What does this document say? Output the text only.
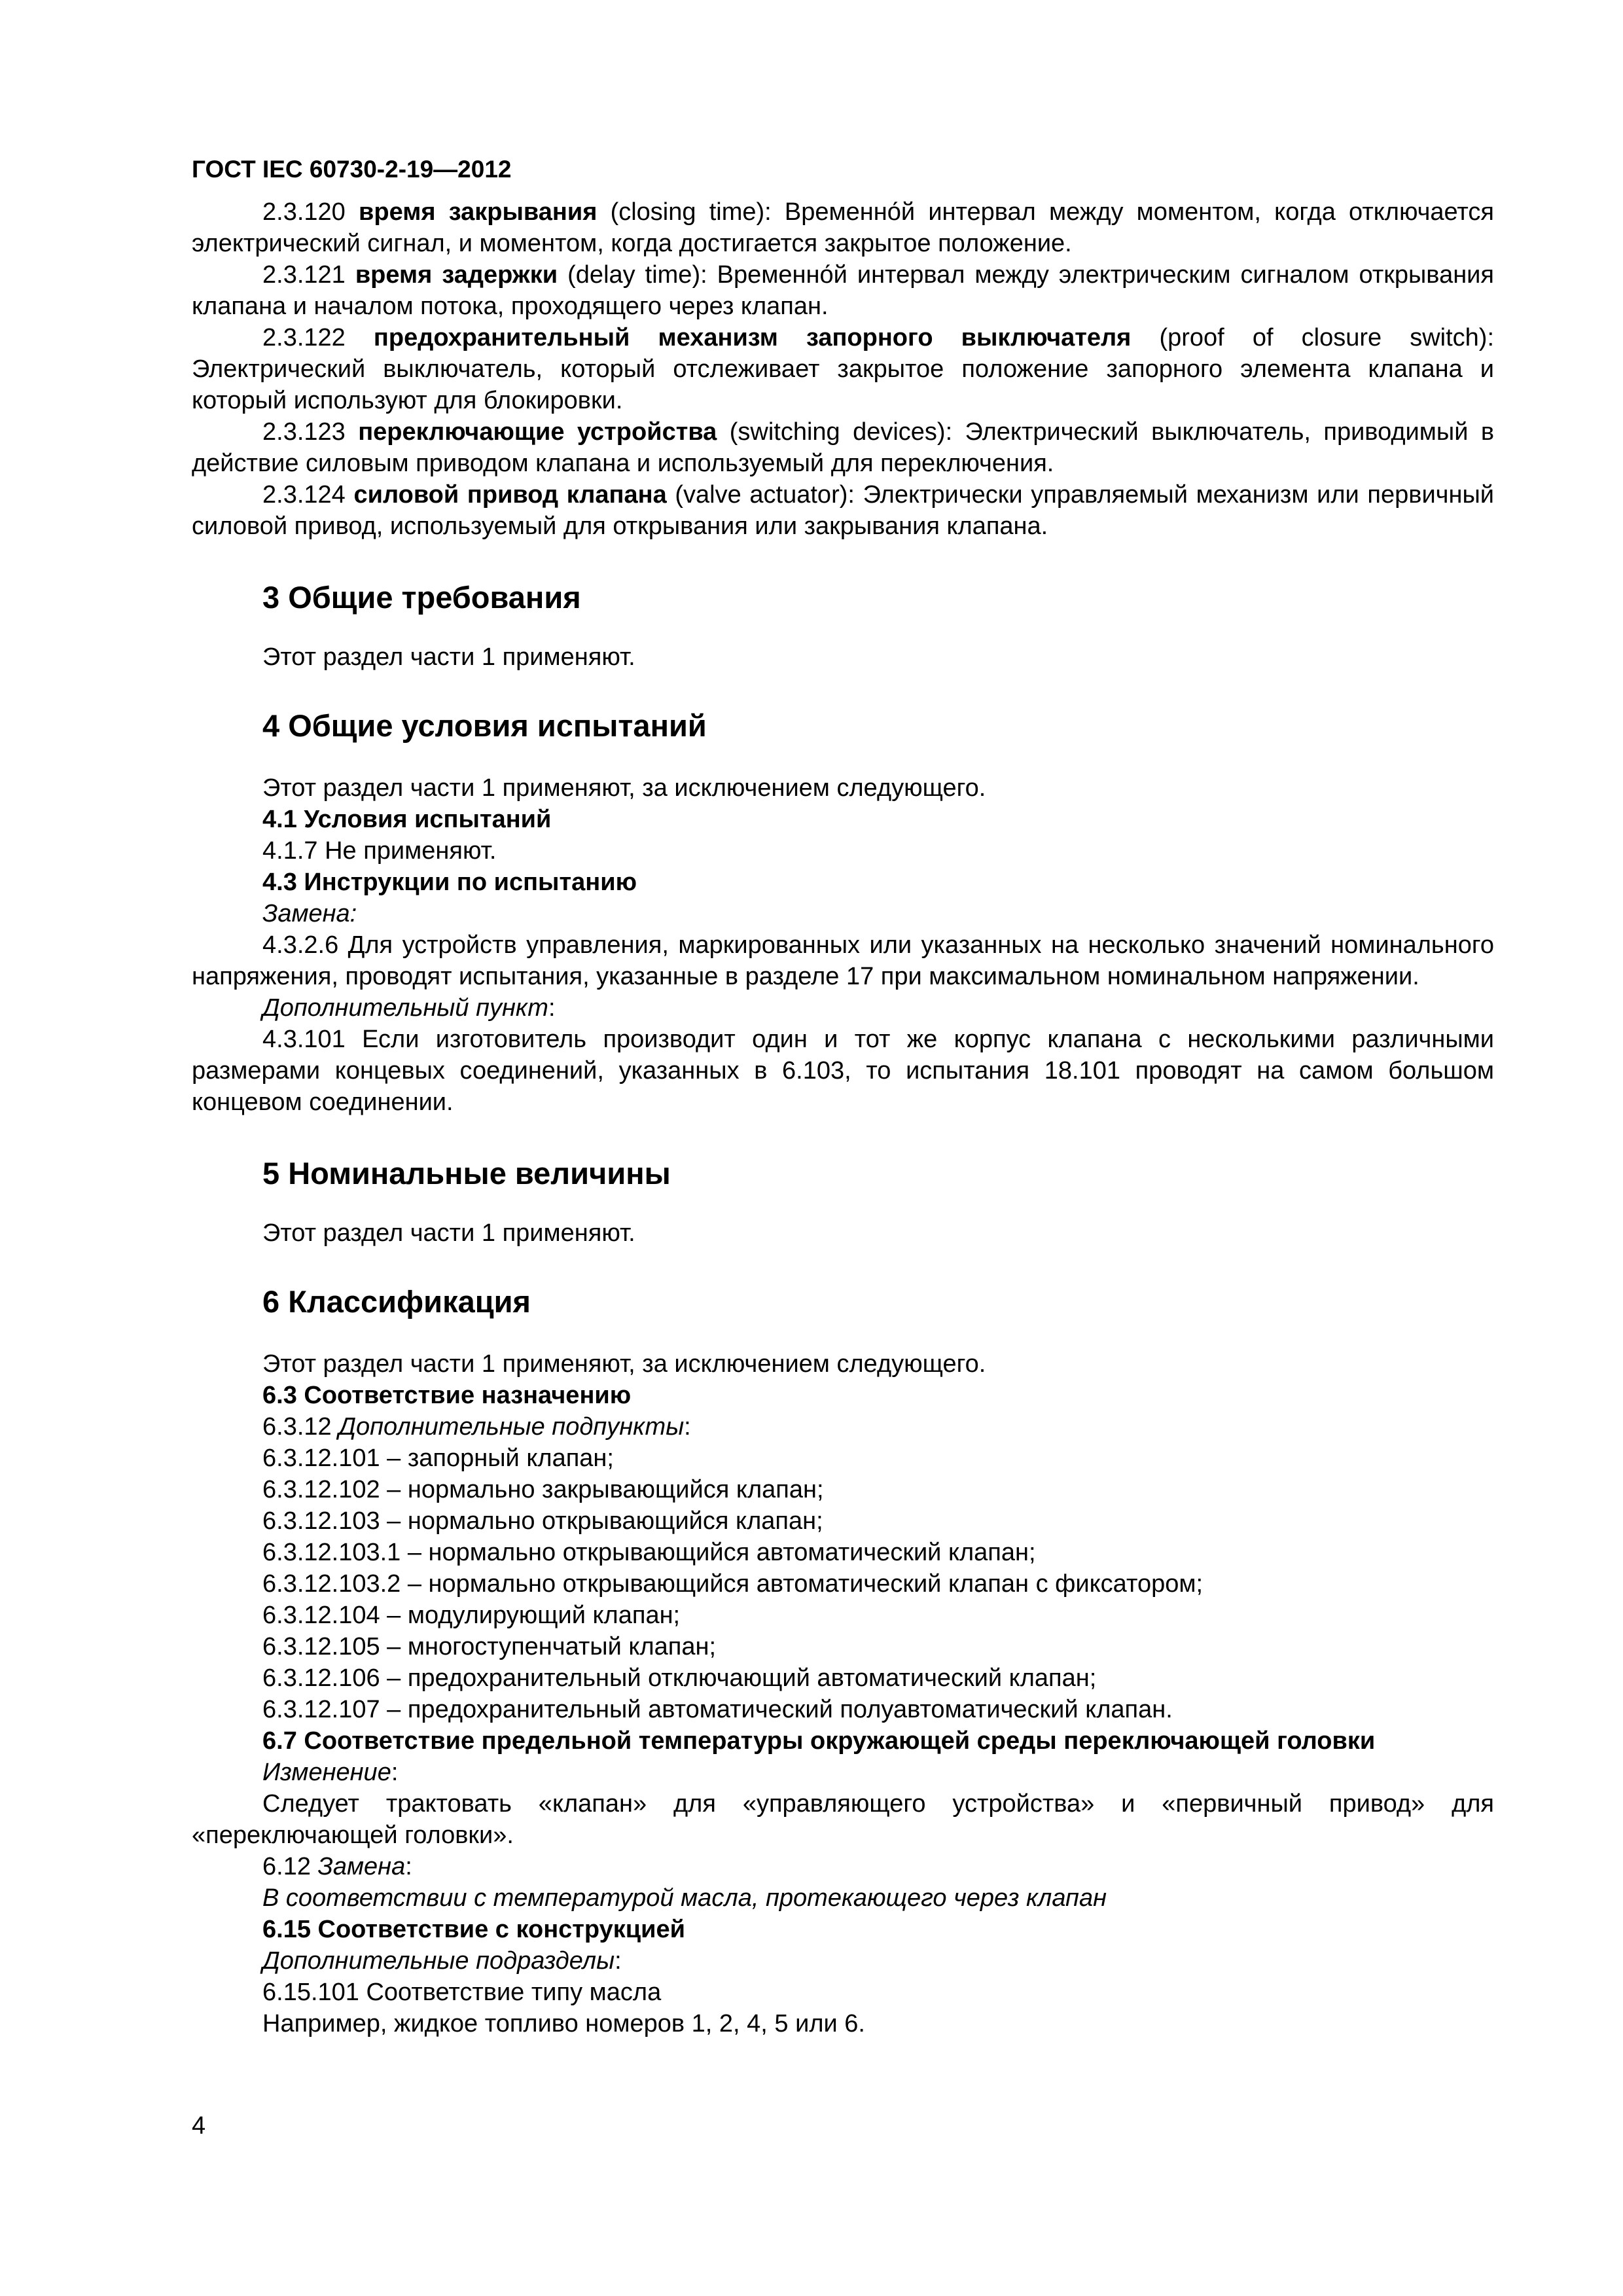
ГОСТ IEC 60730-2-19—2012

2.3.120 время закрывания (closing time): Временно́й интервал между моментом, когда отключается электрический сигнал, и моментом, когда достигается закрытое положение.

2.3.121 время задержки (delay time): Временно́й интервал между электрическим сигналом открывания клапана и началом потока, проходящего через клапан.

2.3.122 предохранительный механизм запорного выключателя (proof of closure switch): Электрический выключатель, который отслеживает закрытое положение запорного элемента клапана и который используют для блокировки.

2.3.123 переключающие устройства (switching devices): Электрический выключатель, приводимый в действие силовым приводом клапана и используемый для переключения.

2.3.124 силовой привод клапана (valve actuator): Электрически управляемый механизм или первичный силовой привод, используемый для открывания или закрывания клапана.

3 Общие требования

Этот раздел части 1 применяют.

4 Общие условия испытаний

Этот раздел части 1 применяют, за исключением следующего.

4.1 Условия испытаний

4.1.7 Не применяют.

4.3 Инструкции по испытанию

Замена:

4.3.2.6 Для устройств управления, маркированных или указанных на несколько значений номинального напряжения, проводят испытания, указанные в разделе 17 при максимальном номинальном напряжении.

Дополнительный пункт:

4.3.101 Если изготовитель производит один и тот же корпус клапана с несколькими различными размерами концевых соединений, указанных в 6.103, то испытания 18.101 проводят на самом большом концевом соединении.

5 Номинальные величины

Этот раздел части 1 применяют.

6 Классификация

Этот раздел части 1 применяют, за исключением следующего.

6.3 Соответствие назначению

6.3.12 Дополнительные подпункты:

6.3.12.101 – запорный клапан;

6.3.12.102 – нормально закрывающийся клапан;

6.3.12.103 – нормально открывающийся клапан;

6.3.12.103.1 – нормально открывающийся автоматический клапан;

6.3.12.103.2 – нормально открывающийся автоматический клапан с фиксатором;

6.3.12.104 – модулирующий клапан;

6.3.12.105 – многоступенчатый клапан;

6.3.12.106 – предохранительный отключающий автоматический клапан;

6.3.12.107 – предохранительный автоматический полуавтоматический клапан.

6.7 Соответствие предельной температуры окружающей среды переключающей головки

Изменение:

Следует трактовать «клапан» для «управляющего устройства» и «первичный привод» для «переключающей головки».

6.12 Замена:

В соответствии с температурой масла, протекающего через клапан

6.15 Соответствие с конструкцией

Дополнительные подразделы:

6.15.101 Соответствие типу масла

Например, жидкое топливо номеров 1, 2, 4, 5 или 6.

4
